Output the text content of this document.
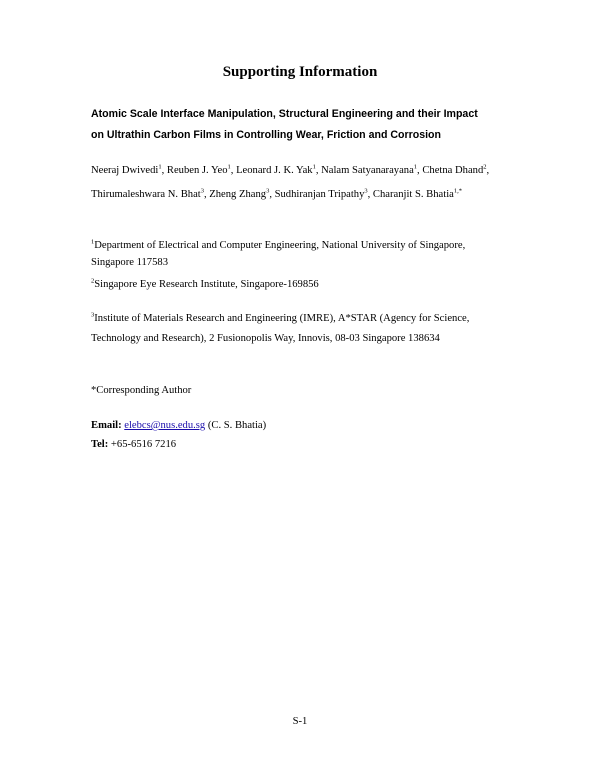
Supporting Information
Atomic Scale Interface Manipulation, Structural Engineering and their Impact
on Ultrathin Carbon Films in Controlling Wear, Friction and Corrosion
Neeraj Dwivedi$^1$, Reuben J. Yeo$^1$, Leonard J. K. Yak$^1$, Nalam Satyanarayana$^1$, Chetna Dhand$^2$,
Thirumaleshwara N. Bhat$^3$, Zheng Zhang$^3$, Sudhiranjan Tripathy$^3$, Charanjit S. Bhatia$^{1,*}$
$^1$Department of Electrical and Computer Engineering, National University of Singapore,
Singapore 117583
$^2$Singapore Eye Research Institute, Singapore-169856
$^3$Institute of Materials Research and Engineering (IMRE), A*STAR (Agency for Science,
Technology and Research), 2 Fusionopolis Way, Innovis, 08-03 Singapore 138634
*Corresponding Author
Email: elebcs@nus.edu.sg (C. S. Bhatia)
Tel: +65-6516 7216
S-1
